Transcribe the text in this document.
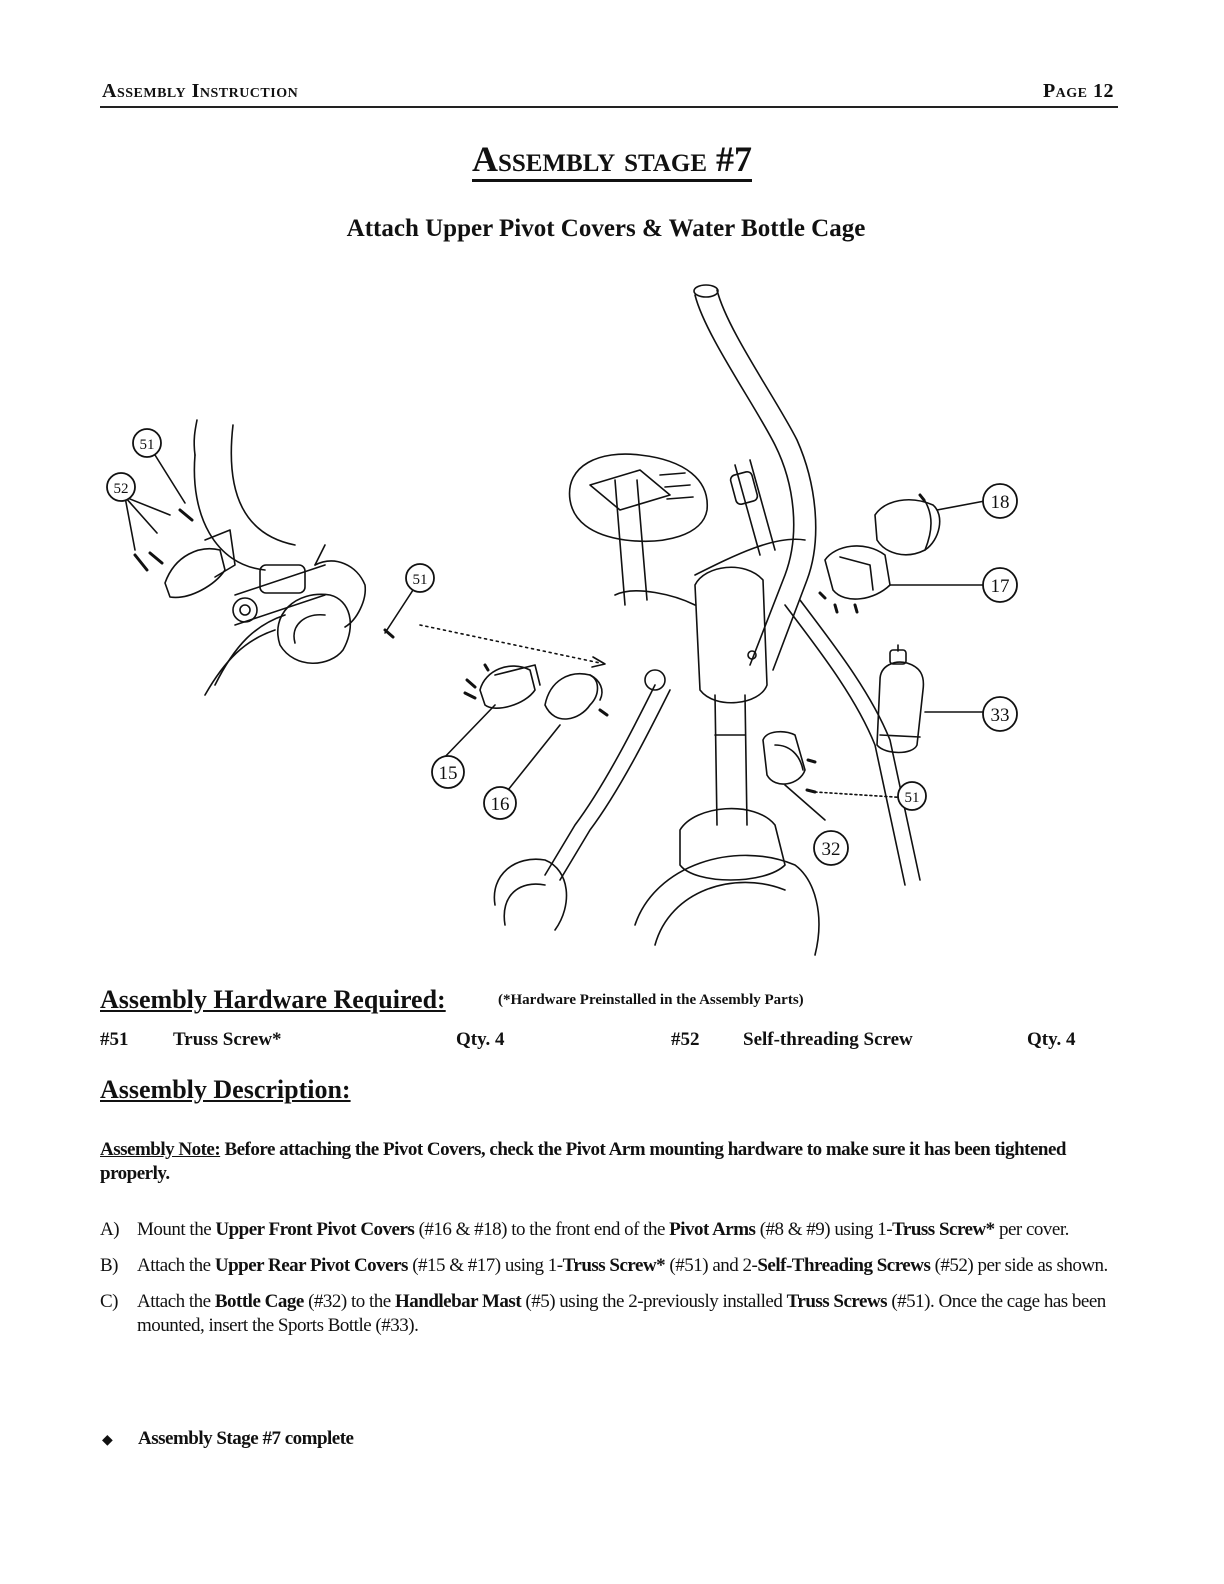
Assembly Instruction	Page 12
Assembly stage #7
Attach Upper Pivot Covers & Water Bottle Cage
51
52
51
15
16
18
17
33
51
32
Assembly Hardware Required:	(*Hardware Preinstalled in the Assembly Parts)
#51 Truss Screw*	Qty. 4	#52 Self-threading Screw	Qty. 4
Assembly Description:
Assembly Note: Before attaching the Pivot Covers, check the Pivot Arm mounting hardware to make sure it has been tightened properly.
A) Mount the Upper Front Pivot Covers (#16 & #18) to the front end of the Pivot Arms (#8 & #9) using 1-Truss Screw* per cover.
B) Attach the Upper Rear Pivot Covers (#15 & #17) using 1-Truss Screw* (#51) and 2-Self-Threading Screws (#52) per side as shown.
C) Attach the Bottle Cage (#32) to the Handlebar Mast (#5) using the 2-previously installed Truss Screws (#51). Once the cage has been mounted, insert the Sports Bottle (#33).
◆ Assembly Stage #7 complete
